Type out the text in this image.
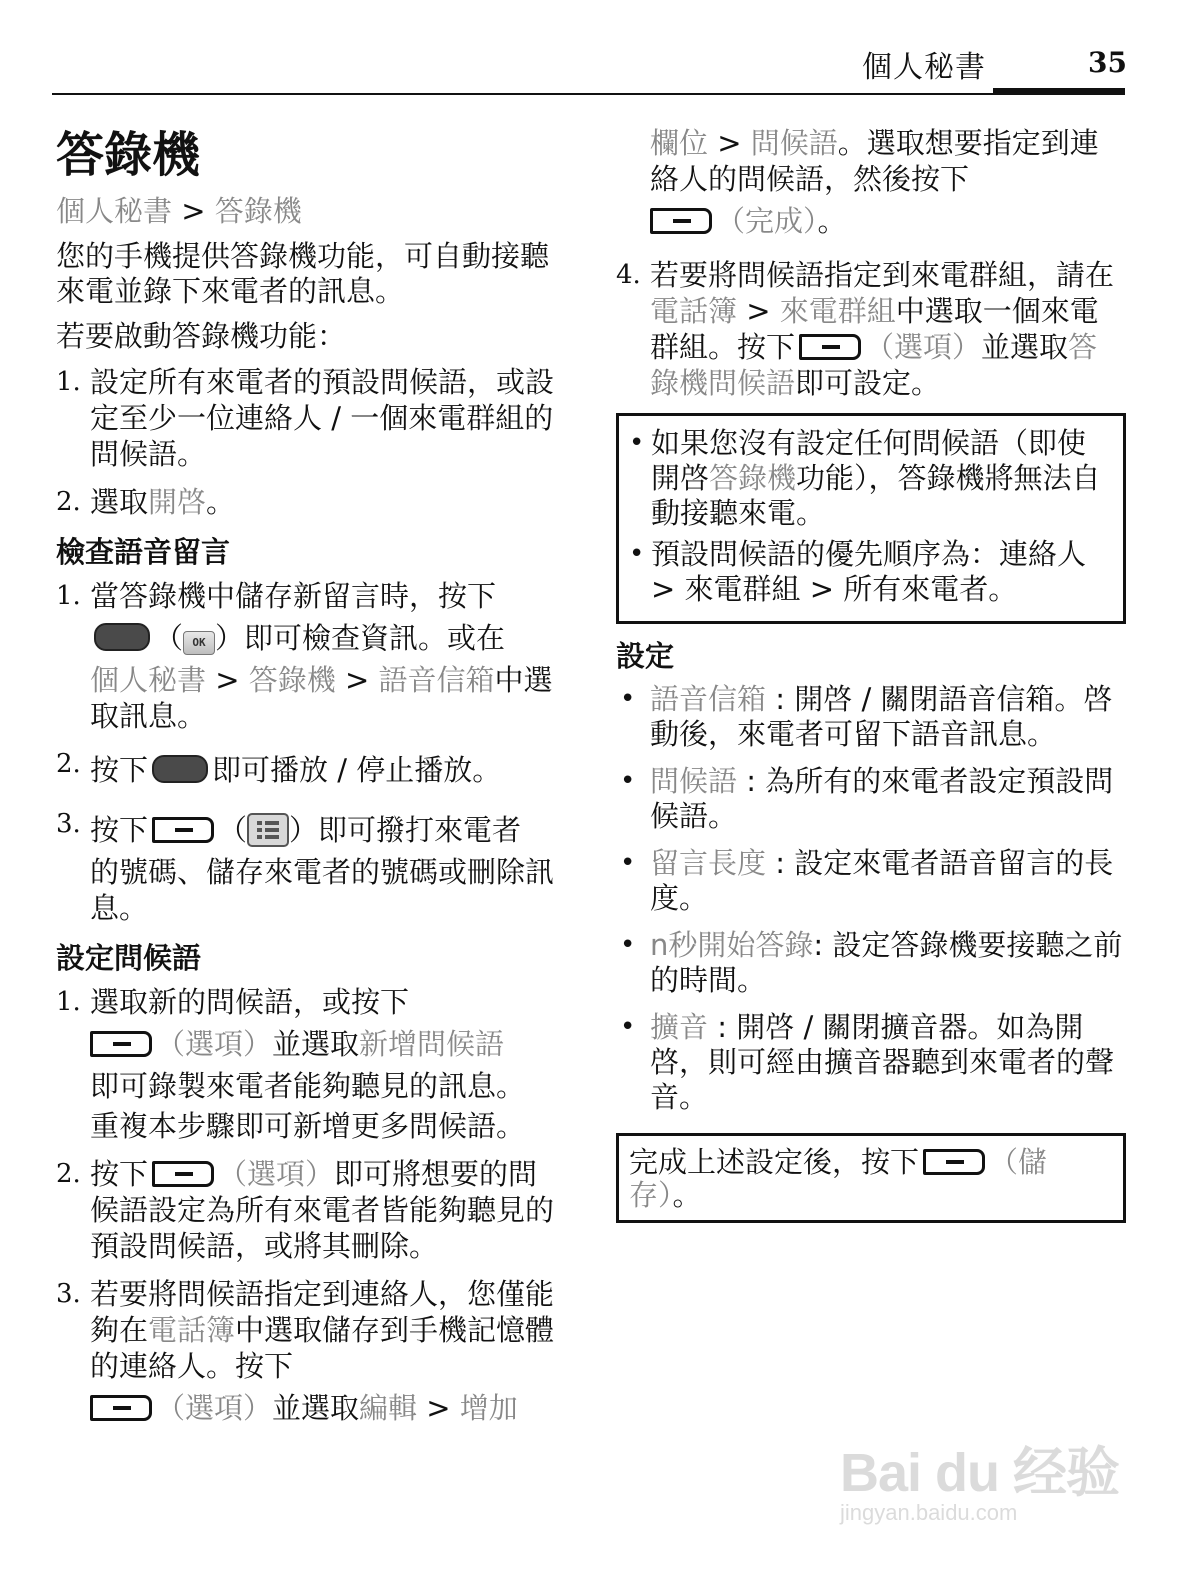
個人秘書	35
答錄機
個人秘書 > 答錄機

您的手機提供答錄機功能，可自動接聽來電並錄下來電者的訊息。

若要啟動答錄機功能：

1. 設定所有來電者的預設問候語，或設定至少一位連絡人 / 一個來電群組的問候語。
2. 選取開啓。
檢查語音留言
1. 當答錄機中儲存新留言時，按下
（ OK ）即可檢查資訊。或在
個人秘書 > 答錄機 > 語音信箱中選取訊息。
2. 按下 即可播放 / 停止播放。
3. 按下 （ ）即可撥打來電者
的號碼、儲存來電者的號碼或刪除訊息。
設定問候語
1. 選取新的問候語，或按下
（選項）並選取新增問候語
即可錄製來電者能夠聽見的訊息。
重複本步驟即可新增更多問候語。
2. 按下 （選項）即可將想要的問候語設定為所有來電者皆能夠聽見的預設問候語，或將其刪除。
3. 若要將問候語指定到連絡人，您僅能夠在電話簿中選取儲存到手機記憶體的連絡人。按下
（選項）並選取編輯 > 增加
欄位 > 問候語。選取想要指定到連絡人的問候語，然後按下
（完成）。
4. 若要將問候語指定到來電群組，請在電話簿 > 來電群組中選取一個來電群組。按下 （選項）並選取答錄機問候語即可設定。
• 如果您沒有設定任何問候語（即使開啓答錄機功能），答錄機將無法自動接聽來電。
• 預設問候語的優先順序為：連絡人 > 來電群組 > 所有來電者。
設定
• 語音信箱 : 開啓 / 關閉語音信箱。啓動後，來電者可留下語音訊息。
• 問候語 : 為所有的來電者設定預設問候語。
• 留言長度 : 設定來電者語音留言的長度。
• n秒開始答錄: 設定答錄機要接聽之前的時間。
• 擴音 : 開啓 / 關閉擴音器。如為開啓，則可經由擴音器聽到來電者的聲音。
完成上述設定後，按下 （儲存）。
Bai du 经验
jingyan.baidu.com
